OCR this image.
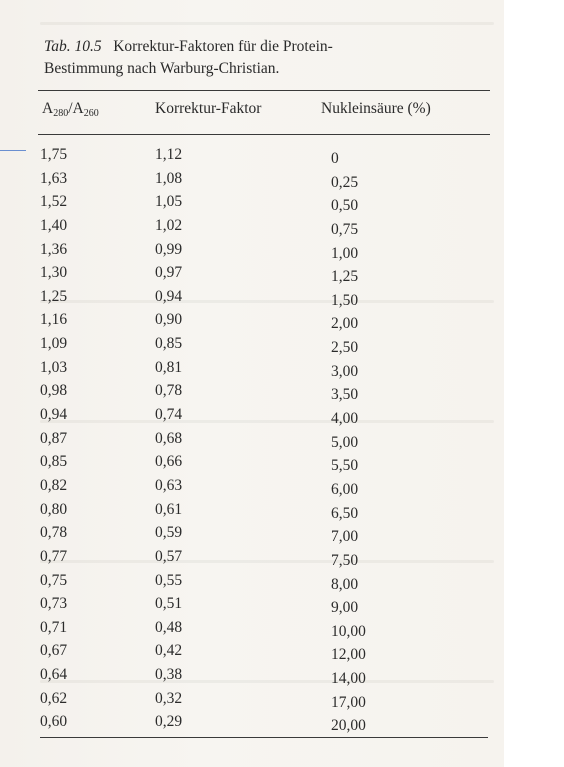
Tab. 10.5 Korrektur-Faktoren für die Protein-
Bestimmung nach Warburg-Christian.
$A_{280}/A_{260}$	Korrektur-Faktor	Nukleinsäure (%)
1,75	1,12	0
1,63	1,08	0,25
1,52	1,05	0,50
1,40	1,02	0,75
1,36	0,99	1,00
1,30	0,97	1,25
1,25	0,94	1,50
1,16	0,90	2,00
1,09	0,85	2,50
1,03	0,81	3,00
0,98	0,78	3,50
0,94	0,74	4,00
0,87	0,68	5,00
0,85	0,66	5,50
0,82	0,63	6,00
0,80	0,61	6,50
0,78	0,59	7,00
0,77	0,57	7,50
0,75	0,55	8,00
0,73	0,51	9,00
0,71	0,48	10,00
0,67	0,42	12,00
0,64	0,38	14,00
0,62	0,32	17,00
0,60	0,29	20,00
